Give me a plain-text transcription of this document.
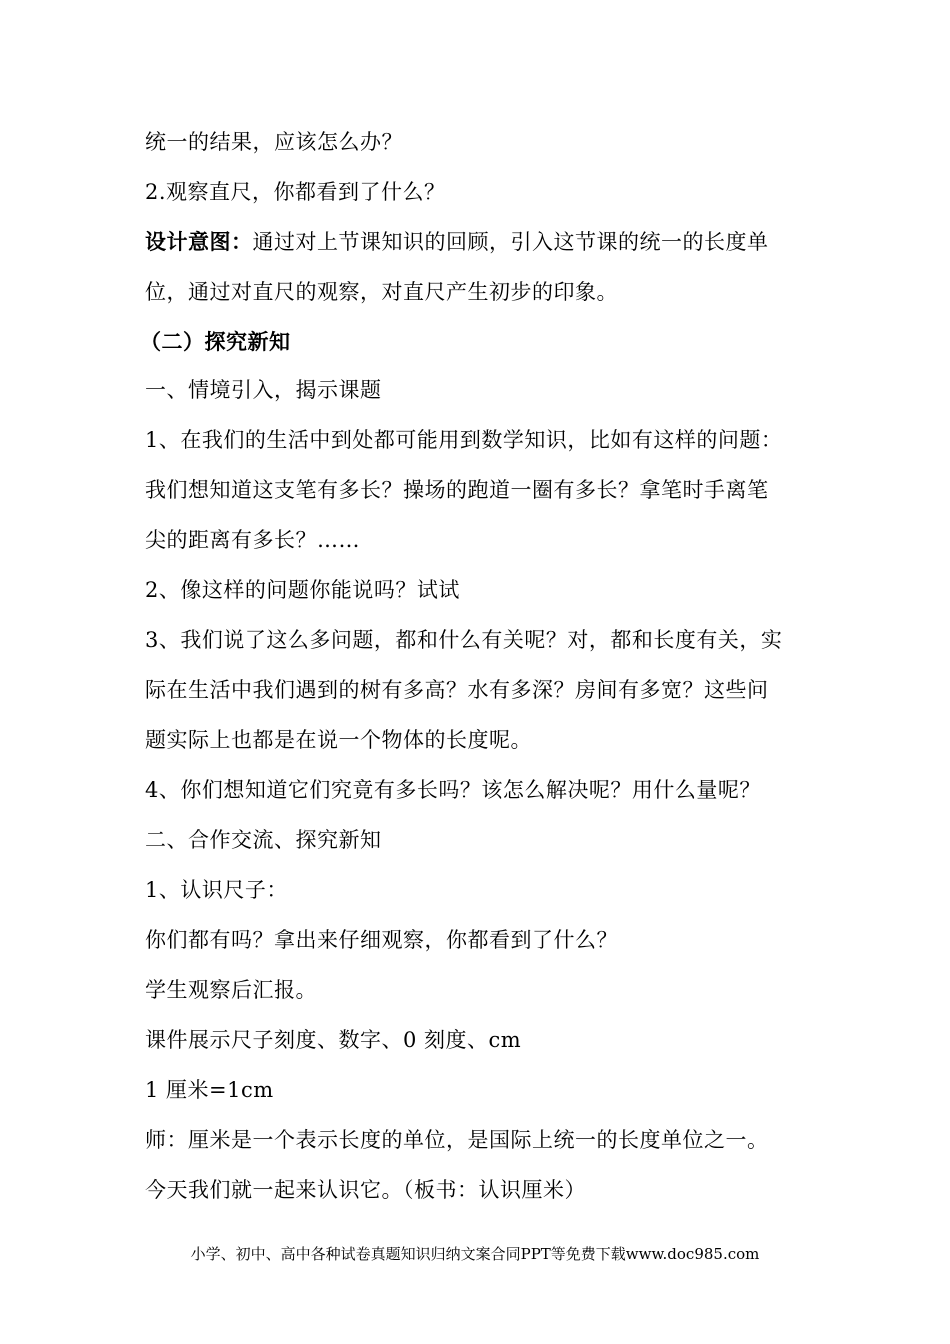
统一的结果，应该怎么办？
2.观察直尺，你都看到了什么？
设计意图：通过对上节课知识的回顾，引入这节课的统一的长度单
位，通过对直尺的观察，对直尺产生初步的印象。
（二）探究新知
一、情境引入，揭示课题
1、在我们的生活中到处都可能用到数学知识，比如有这样的问题：
我们想知道这支笔有多长？操场的跑道一圈有多长？拿笔时手离笔
尖的距离有多长？……
2、像这样的问题你能说吗？试试
3、我们说了这么多问题，都和什么有关呢？对，都和长度有关，实
际在生活中我们遇到的树有多高？水有多深？房间有多宽？这些问
题实际上也都是在说一个物体的长度呢。
4、你们想知道它们究竟有多长吗？该怎么解决呢？用什么量呢？
二、合作交流、探究新知
1、认识尺子：
你们都有吗？拿出来仔细观察，你都看到了什么？
学生观察后汇报。
课件展示尺子刻度、数字、0 刻度、cm
1 厘米=1cm
师：厘米是一个表示长度的单位，是国际上统一的长度单位之一。
今天我们就一起来认识它。（板书：认识厘米）
小学、初中、高中各种试卷真题知识归纳文案合同PPT等免费下载www.doc985.com
